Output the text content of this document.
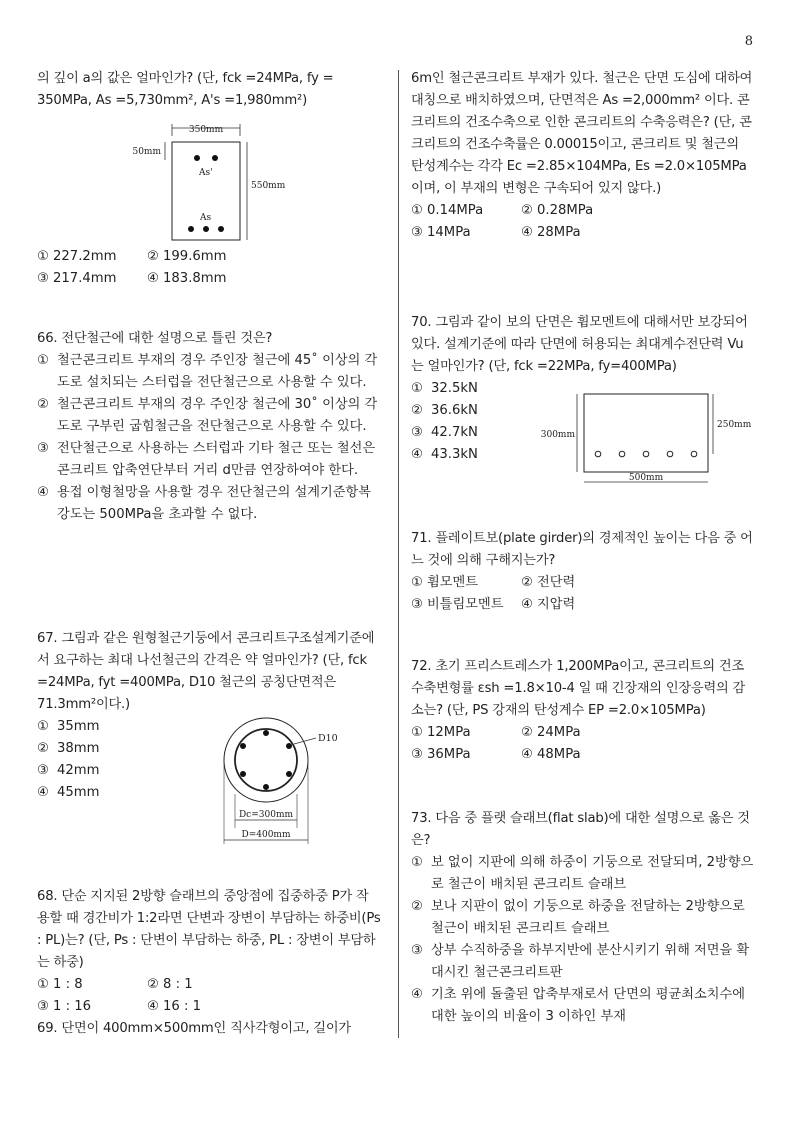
8

의 깊이 a의 값은 얼마인가? (단, fck =24MPa, fy = 350MPa, As =5,730mm², A's =1,980mm²)

350mm
50mm
550mm
As'
As
① 227.2mm	② 199.6mm
③ 217.4mm	④ 183.8mm

66. 전단철근에 대한 설명으로 틀린 것은?

① 철근콘크리트 부재의 경우 주인장 철근에 45˚ 이상의 각도로 설치되는 스터럽을 전단철근으로 사용할 수 있다.
② 철근콘크리트 부재의 경우 주인장 철근에 30˚ 이상의 각도로 구부린 굽힘철근을 전단철근으로 사용할 수 있다.
③ 전단철근으로 사용하는 스터럽과 기타 철근 또는 철선은 콘크리트 압축연단부터 거리 d만큼 연장하여야 한다.
④ 용접 이형철망을 사용할 경우 전단철근의 설계기준항복강도는 500MPa을 초과할 수 없다.

67. 그림과 같은 원형철근기둥에서 콘크리트구조설계기준에서 요구하는 최대 나선철근의 간격은 약 얼마인가? (단, fck =24MPa, fyt =400MPa, D10 철근의 공칭단면적은 71.3mm²이다.)

① 35mm
② 38mm
③ 42mm
④ 45mm
D10
Dc=300mm
D=400mm

68. 단순 지지된 2방향 슬래브의 중앙점에 집중하중 P가 작용할 때 경간비가 1:2라면 단변과 장변이 부담하는 하중비(Ps : PL)는? (단, Ps : 단변이 부담하는 하중, PL : 장변이 부담하는 하중)

① 1 : 8	② 8 : 1
③ 1 : 16	④ 16 : 1

69. 단면이 400mm×500mm인 직사각형이고, 길이가

6m인 철근콘크리트 부재가 있다. 철근은 단면 도심에 대하여 대칭으로 배치하였으며, 단면적은 As =2,000mm² 이다. 콘크리트의 건조수축으로 인한 콘크리트의 수축응력은? (단, 콘크리트의 건조수축률은 0.00015이고, 콘크리트 및 철근의 탄성계수는 각각 Ec =2.85×104MPa, Es =2.0×105MPa이며, 이 부재의 변형은 구속되어 있지 않다.)

① 0.14MPa	② 0.28MPa
③ 14MPa	④ 28MPa

70. 그림과 같이 보의 단면은 휨모멘트에 대해서만 보강되어 있다. 설계기준에 따라 단면에 허용되는 최대계수전단력 Vu는 얼마인가? (단, fck =22MPa, fy=400MPa)

① 32.5kN
② 36.6kN
③ 42.7kN
④ 43.3kN
300mm
250mm
500mm

71. 플레이트보(plate girder)의 경제적인 높이는 다음 중 어느 것에 의해 구해지는가?

① 휨모멘트	② 전단력
③ 비틀림모멘트	④ 지압력

72. 초기 프리스트레스가 1,200MPa이고, 콘크리트의 건조수축변형률 εsh =1.8×10-4 일 때 긴장재의 인장응력의 감소는? (단, PS 강재의 탄성계수 EP =2.0×105MPa)

① 12MPa	② 24MPa
③ 36MPa	④ 48MPa

73. 다음 중 플랫 슬래브(flat slab)에 대한 설명으로 옳은 것은?

① 보 없이 지판에 의해 하중이 기둥으로 전달되며, 2방향으로 철근이 배치된 콘크리트 슬래브
② 보나 지판이 없이 기둥으로 하중을 전달하는 2방향으로 철근이 배치된 콘크리트 슬래브
③ 상부 수직하중을 하부지반에 분산시키기 위해 저면을 확대시킨 철근콘크리트판
④ 기초 위에 돌출된 압축부재로서 단면의 평균최소치수에 대한 높이의 비율이 3 이하인 부재
